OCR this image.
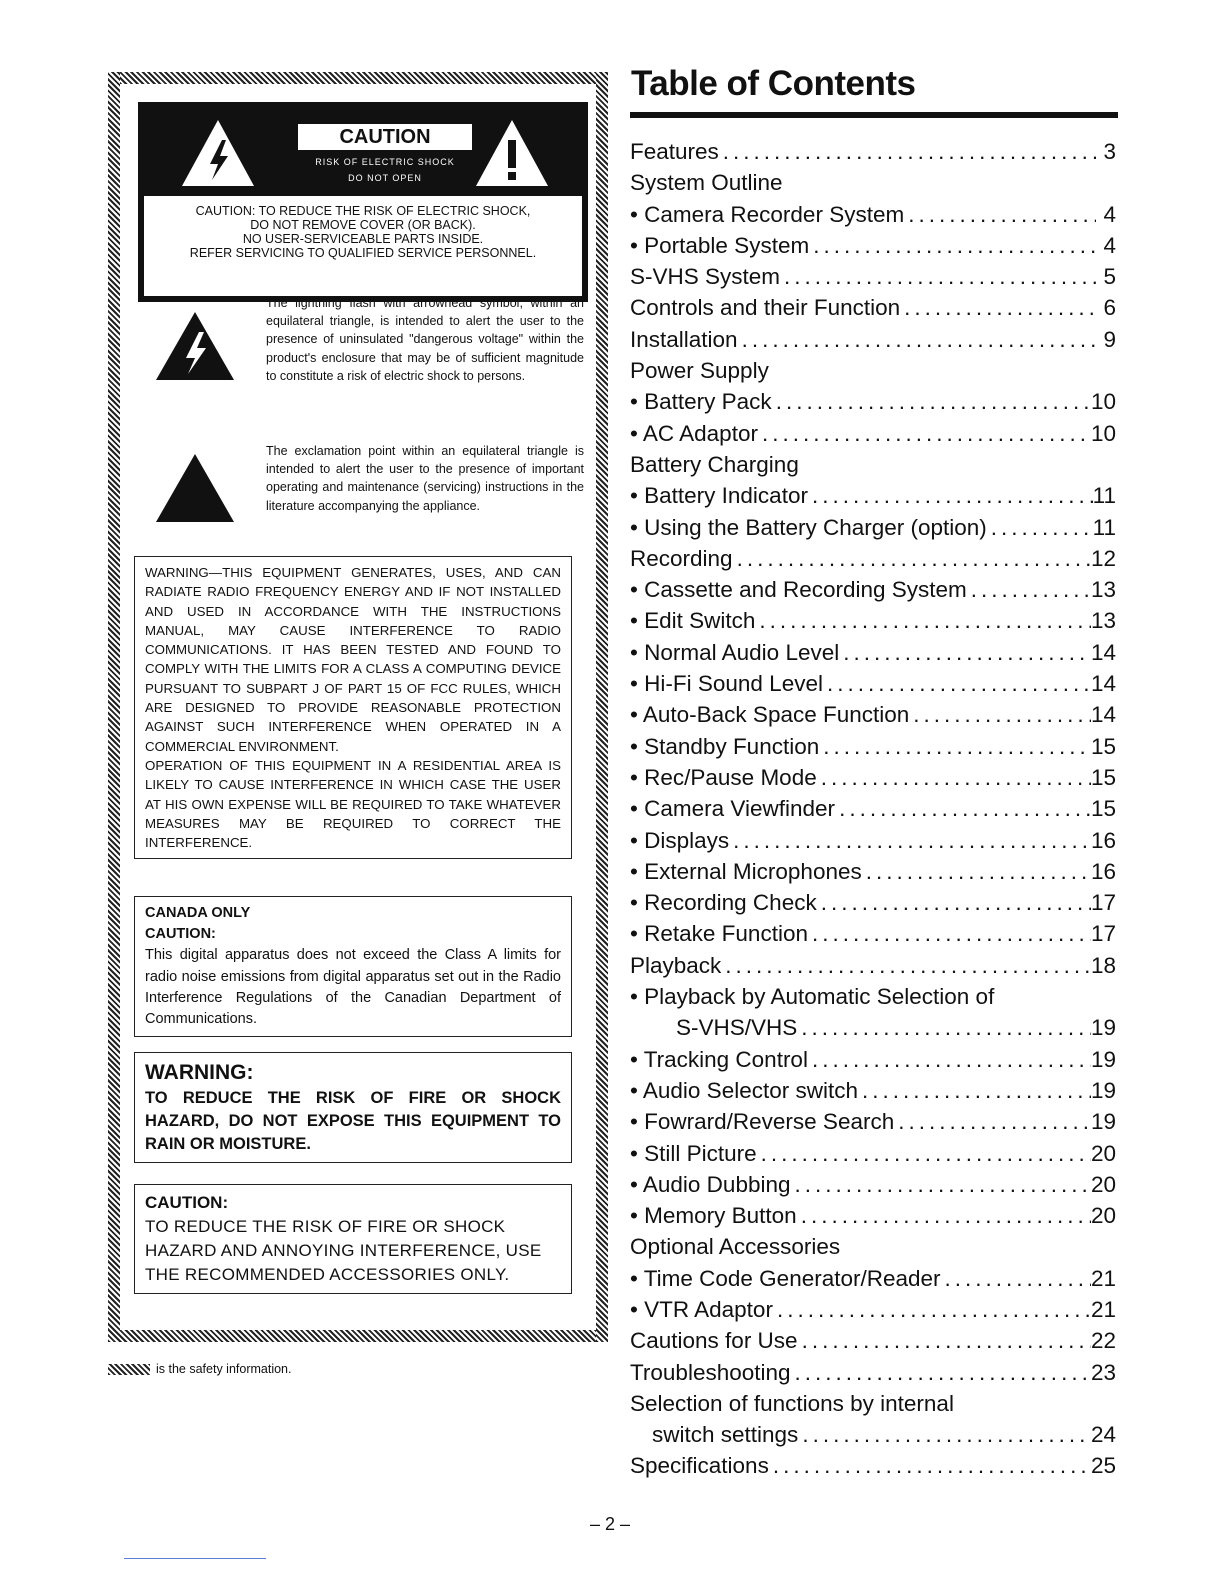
CAUTION
RISK OF ELECTRIC SHOCK
DO NOT OPEN
CAUTION: TO REDUCE THE RISK OF ELECTRIC SHOCK,
DO NOT REMOVE COVER (OR BACK).
NO USER-SERVICEABLE PARTS INSIDE.
REFER SERVICING TO QUALIFIED SERVICE PERSONNEL.

The lightning flash with arrowhead symbol, within an equilateral triangle, is intended to alert the user to the presence of uninsulated "dangerous voltage" within the product's enclosure that may be of sufficient magnitude to constitute a risk of electric shock to persons.

The exclamation point within an equilateral triangle is intended to alert the user to the presence of important operating and maintenance (servicing) instructions in the literature accompanying the appliance.

WARNING—THIS EQUIPMENT GENERATES, USES, AND CAN RADIATE RADIO FREQUENCY ENERGY AND IF NOT INSTALLED AND USED IN ACCORDANCE WITH THE INSTRUCTIONS MANUAL, MAY CAUSE INTERFERENCE TO RADIO COMMUNICATIONS. IT HAS BEEN TESTED AND FOUND TO COMPLY WITH THE LIMITS FOR A CLASS A COMPUTING DEVICE PURSUANT TO SUBPART J OF PART 15 OF FCC RULES, WHICH ARE DESIGNED TO PROVIDE REASONABLE PROTECTION AGAINST SUCH INTERFERENCE WHEN OPERATED IN A COMMERCIAL ENVIRONMENT.
OPERATION OF THIS EQUIPMENT IN A RESIDENTIAL AREA IS LIKELY TO CAUSE INTERFERENCE IN WHICH CASE THE USER AT HIS OWN EXPENSE WILL BE REQUIRED TO TAKE WHATEVER MEASURES MAY BE REQUIRED TO CORRECT THE INTERFERENCE.
CANADA ONLY
CAUTION:
This digital apparatus does not exceed the Class A limits for radio noise emissions from digital apparatus set out in the Radio Interference Regulations of the Canadian Department of Communications.
WARNING:
TO REDUCE THE RISK OF FIRE OR SHOCK HAZARD, DO NOT EXPOSE THIS EQUIPMENT TO RAIN OR MOISTURE.
CAUTION:
TO REDUCE THE RISK OF FIRE OR SHOCK HAZARD AND ANNOYING INTERFERENCE, USE THE RECOMMENDED ACCESSORIES ONLY.
is the safety information.
Table of Contents
Features .....	3
System Outline
• Camera Recorder System .....	4
• Portable System .....	4
S-VHS System .....	5
Controls and their Function .....	6
Installation .....	9
Power Supply
• Battery Pack .....	10
• AC Adaptor .....	10
Battery Charging
• Battery Indicator .....	11
• Using the Battery Charger (option) .....	11
Recording .....	12
• Cassette and Recording System .....	13
• Edit Switch .....	13
• Normal Audio Level .....	14
• Hi-Fi Sound Level .....	14
• Auto-Back Space Function .....	14
• Standby Function .....	15
• Rec/Pause Mode .....	15
• Camera Viewfinder .....	15
• Displays .....	16
• External Microphones .....	16
• Recording Check .....	17
• Retake Function .....	17
Playback .....	18
• Playback by Automatic Selection of
S-VHS/VHS .....	19
• Tracking Control .....	19
• Audio Selector switch .....	19
• Fowrard/Reverse Search .....	19
• Still Picture .....	20
• Audio Dubbing .....	20
• Memory Button .....	20
Optional Accessories
• Time Code Generator/Reader .....	21
• VTR Adaptor .....	21
Cautions for Use .....	22
Troubleshooting .....	23
Selection of functions by internal
switch settings .....	24
Specifications .....	25
– 2 –
